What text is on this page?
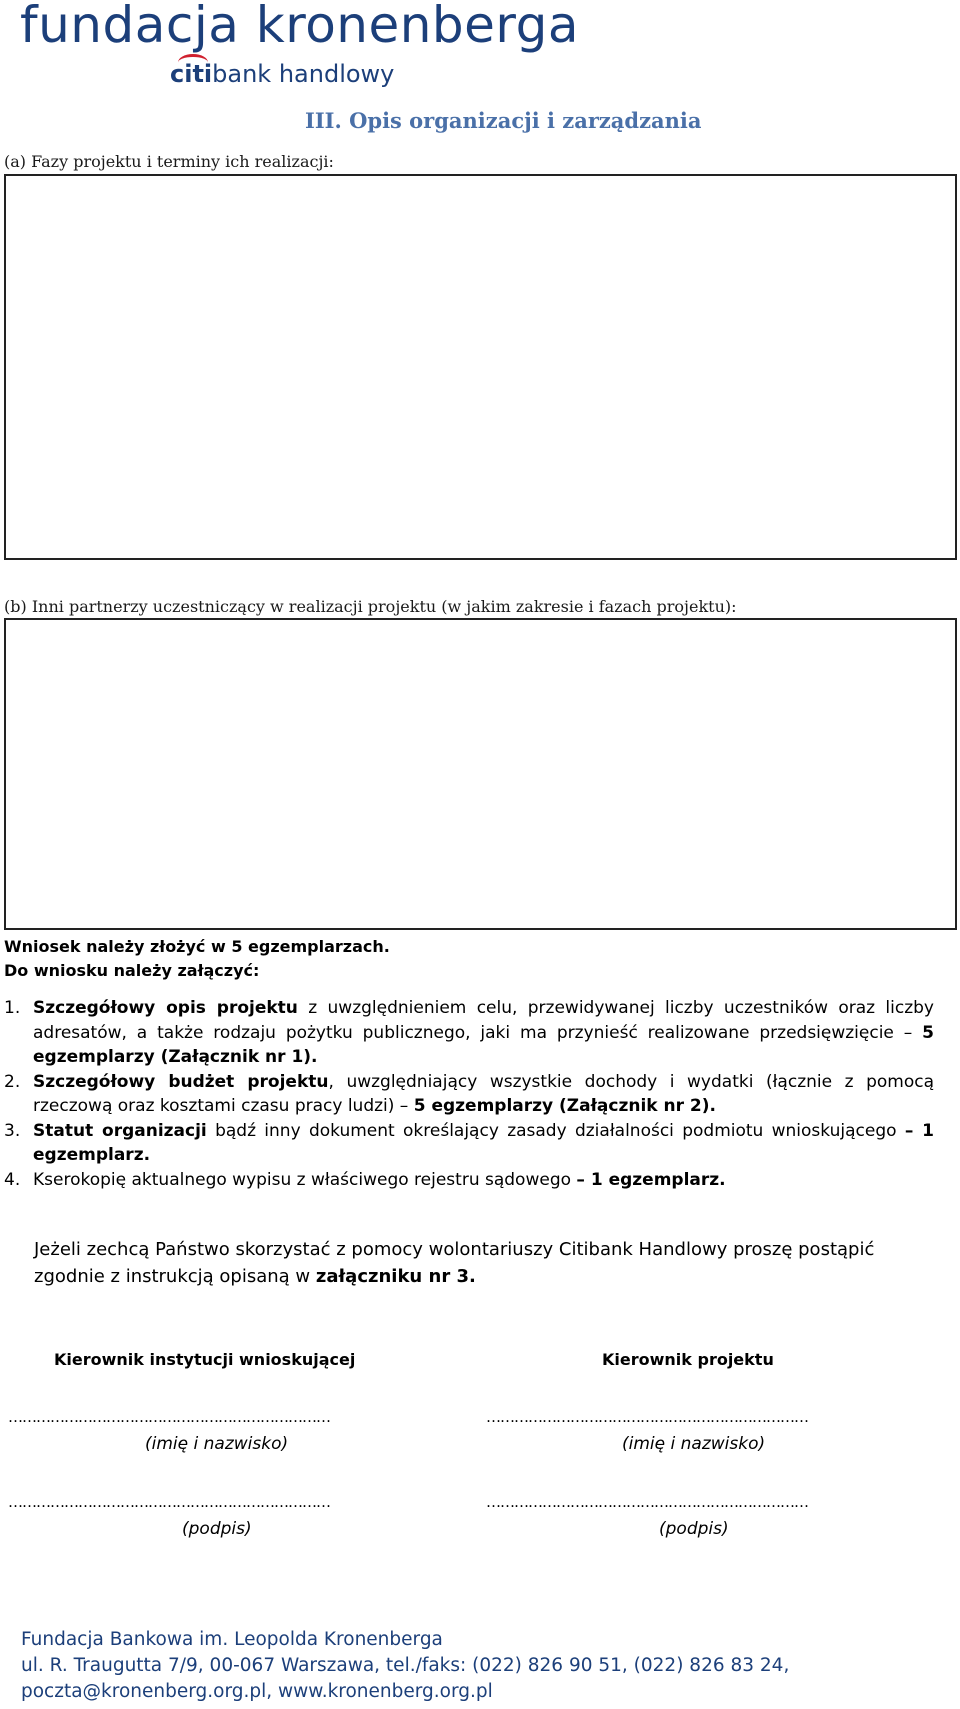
fundacja kronenberga
citibank handlowy
III. Opis organizacji i zarządzania
(a) Fazy projektu i terminy ich realizacji:
(b) Inni partnerzy uczestniczący w realizacji projektu (w jakim zakresie i fazach projektu):
Wniosek należy złożyć w 5 egzemplarzach.
Do wniosku należy załączyć:
1. Szczegółowy opis projektu z uwzględnieniem celu, przewidywanej liczby uczestników oraz liczby adresatów, a także rodzaju pożytku publicznego, jaki ma przynieść realizowane przedsięwzięcie – 5 egzemplarzy (Załącznik nr 1).
2. Szczegółowy budżet projektu, uwzględniający wszystkie dochody i wydatki (łącznie z pomocą rzeczową oraz kosztami czasu pracy ludzi) – 5 egzemplarzy (Załącznik nr 2).
3. Statut organizacji bądź inny dokument określający zasady działalności podmiotu wnioskującego – 1 egzemplarz.
4. Kserokopię aktualnego wypisu z właściwego rejestru sądowego – 1 egzemplarz.
Jeżeli zechcą Państwo skorzystać z pomocy wolontariuszy Citibank Handlowy proszę postąpić zgodnie z instrukcją opisaną w załączniku nr 3.
Kierownik instytucji wnioskującej	Kierownik projektu
……………………………………………………………	……………………………………………………………
(imię i nazwisko)	(imię i nazwisko)
……………………………………………………………	……………………………………………………………
(podpis)	(podpis)
Fundacja Bankowa im. Leopolda Kronenberga
ul. R. Traugutta 7/9, 00-067 Warszawa, tel./faks: (022) 826 90 51, (022) 826 83 24,
poczta@kronenberg.org.pl, www.kronenberg.org.pl
